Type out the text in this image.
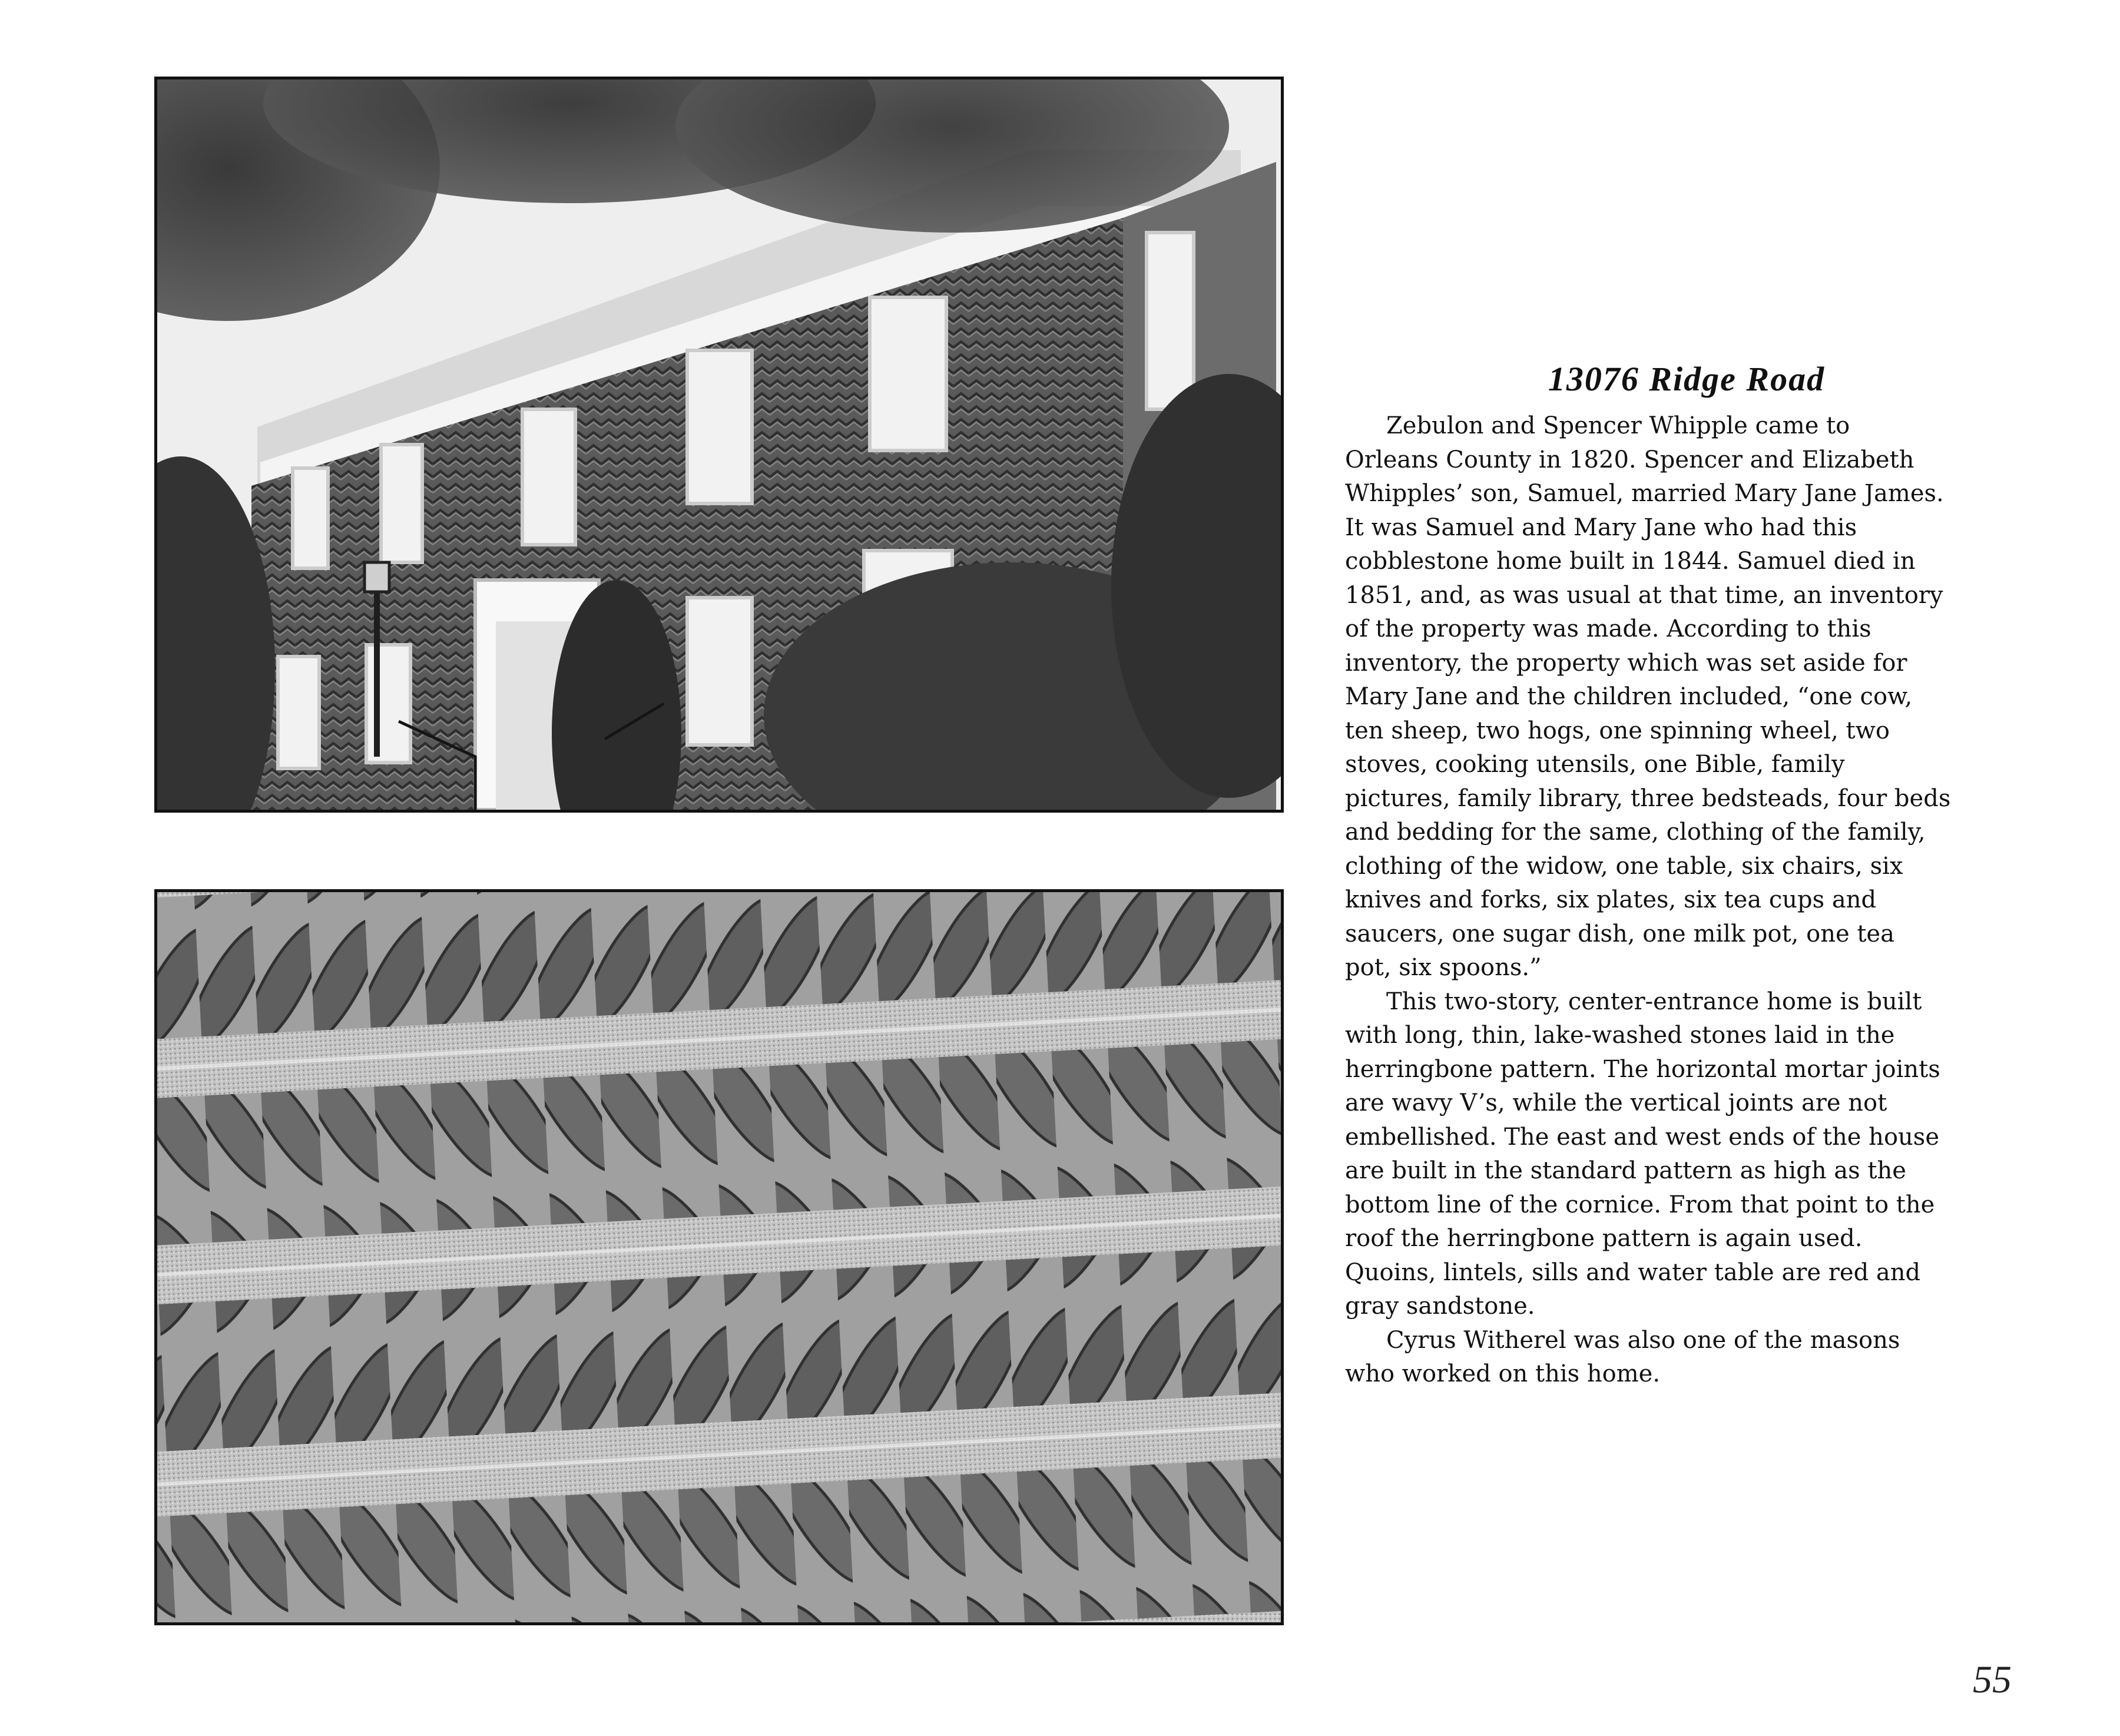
13076 Ridge Road

Zebulon and Spencer Whipple came to
Orleans County in 1820. Spencer and Elizabeth
Whipples’ son, Samuel, married Mary Jane James.
It was Samuel and Mary Jane who had this
cobblestone home built in 1844. Samuel died in
1851, and, as was usual at that time, an inventory
of the property was made. According to this
inventory, the property which was set aside for
Mary Jane and the children included, “one cow,
ten sheep, two hogs, one spinning wheel, two
stoves, cooking utensils, one Bible, family
pictures, family library, three bedsteads, four beds
and bedding for the same, clothing of the family,
clothing of the widow, one table, six chairs, six
knives and forks, six plates, six tea cups and
saucers, one sugar dish, one milk pot, one tea
pot, six spoons.”

This two-story, center-entrance home is built
with long, thin, lake-washed stones laid in the
herringbone pattern. The horizontal mortar joints
are wavy V’s, while the vertical joints are not
embellished. The east and west ends of the house
are built in the standard pattern as high as the
bottom line of the cornice. From that point to the
roof the herringbone pattern is again used.
Quoins, lintels, sills and water table are red and
gray sandstone.

Cyrus Witherel was also one of the masons
who worked on this home.

55
